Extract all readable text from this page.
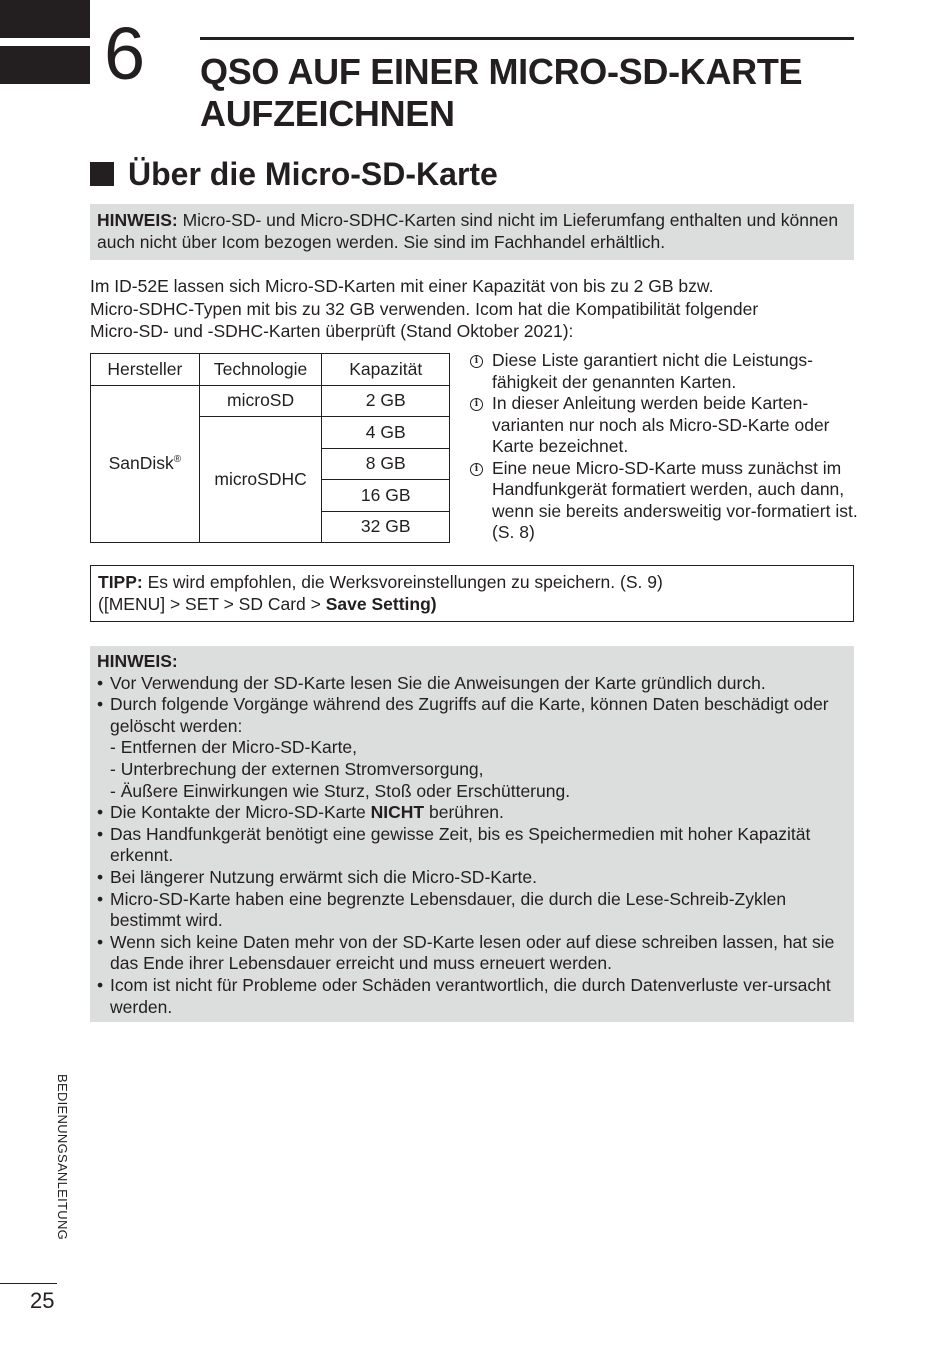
6 QSO AUF EINER MICRO-SD-KARTE
AUFZEICHNEN
Über die Micro-SD-Karte
HINWEIS: Micro-SD- und Micro-SDHC-Karten sind nicht im Lieferumfang enthalten und können auch nicht über Icom bezogen werden. Sie sind im Fachhandel erhältlich.
Im ID-52E lassen sich Micro-SD-Karten mit einer Kapazität von bis zu 2 GB bzw.
Micro-SDHC-Typen mit bis zu 32 GB verwenden. Icom hat die Kompatibilität folgender
Micro-SD- und -SDHC-Karten überprüft (Stand Oktober 2021):
Hersteller	Technologie	Kapazität
SanDisk®	microSD	2 GB
	microSDHC	4 GB
		8 GB
		16 GB
		32 GB
i Diese Liste garantiert nicht die Leistungs-fähigkeit der genannten Karten.
i In dieser Anleitung werden beide Karten-varianten nur noch als Micro-SD-Karte oder Karte bezeichnet.
i Eine neue Micro-SD-Karte muss zunächst im Handfunkgerät formatiert werden, auch dann, wenn sie bereits andersweitig vor-formatiert ist. (S. 8)
TIPP: Es wird empfohlen, die Werksvoreinstellungen zu speichern. (S. 9)
([MENU] > SET > SD Card > Save Setting)
HINWEIS:
• Vor Verwendung der SD-Karte lesen Sie die Anweisungen der Karte gründlich durch.
• Durch folgende Vorgänge während des Zugriffs auf die Karte, können Daten beschädigt oder gelöscht werden:
- Entfernen der Micro-SD-Karte,
- Unterbrechung der externen Stromversorgung,
- Äußere Einwirkungen wie Sturz, Stoß oder Erschütterung.
• Die Kontakte der Micro-SD-Karte NICHT berühren.
• Das Handfunkgerät benötigt eine gewisse Zeit, bis es Speichermedien mit hoher Kapazität erkennt.
• Bei längerer Nutzung erwärmt sich die Micro-SD-Karte.
• Micro-SD-Karte haben eine begrenzte Lebensdauer, die durch die Lese-Schreib-Zyklen bestimmt wird.
• Wenn sich keine Daten mehr von der SD-Karte lesen oder auf diese schreiben lassen, hat sie das Ende ihrer Lebensdauer erreicht und muss erneuert werden.
• Icom ist nicht für Probleme oder Schäden verantwortlich, die durch Datenverluste ver-ursacht werden.
BEDIENUNGSANLEITUNG
25
